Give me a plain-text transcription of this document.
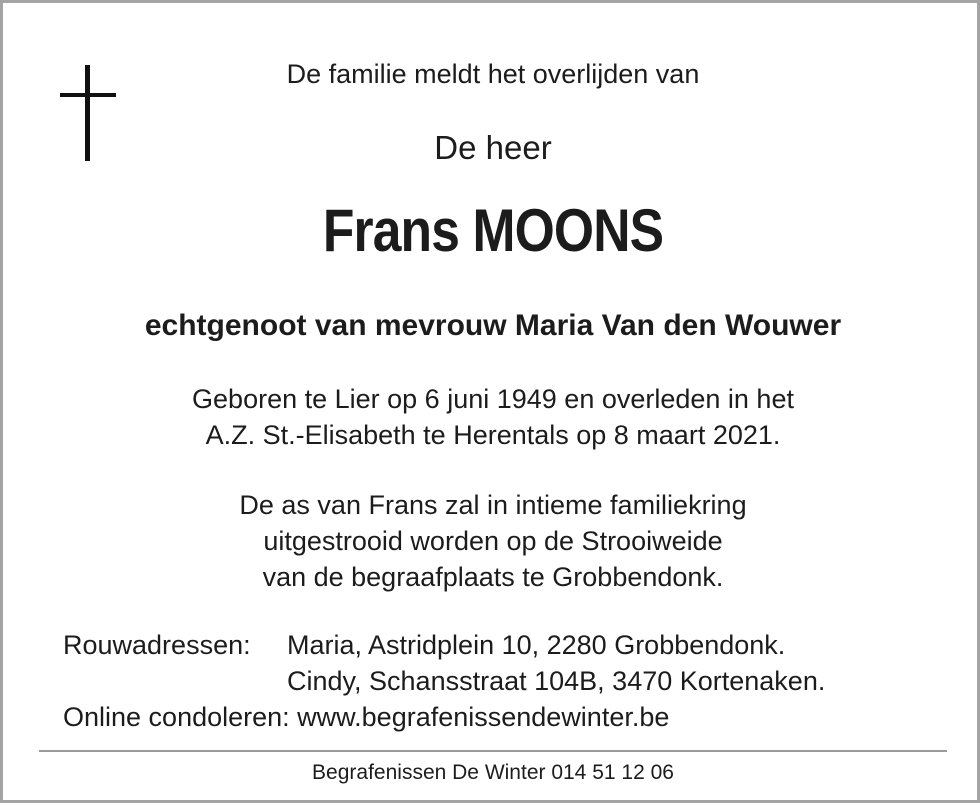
De familie meldt het overlijden van
De heer
Frans MOONS
echtgenoot van mevrouw Maria Van den Wouwer
Geboren te Lier op 6 juni 1949 en overleden in het
A.Z. St.-Elisabeth te Herentals op 8 maart 2021.
De as van Frans zal in intieme familiekring
uitgestrooid worden op de Strooiweide
van de begraafplaats te Grobbendonk.
Rouwadressen:Maria, Astridplein 10, 2280 Grobbendonk.
Cindy, Schansstraat 104B, 3470 Kortenaken.
Online condoleren: www.begrafenissendewinter.be
Begrafenissen De Winter 014 51 12 06
